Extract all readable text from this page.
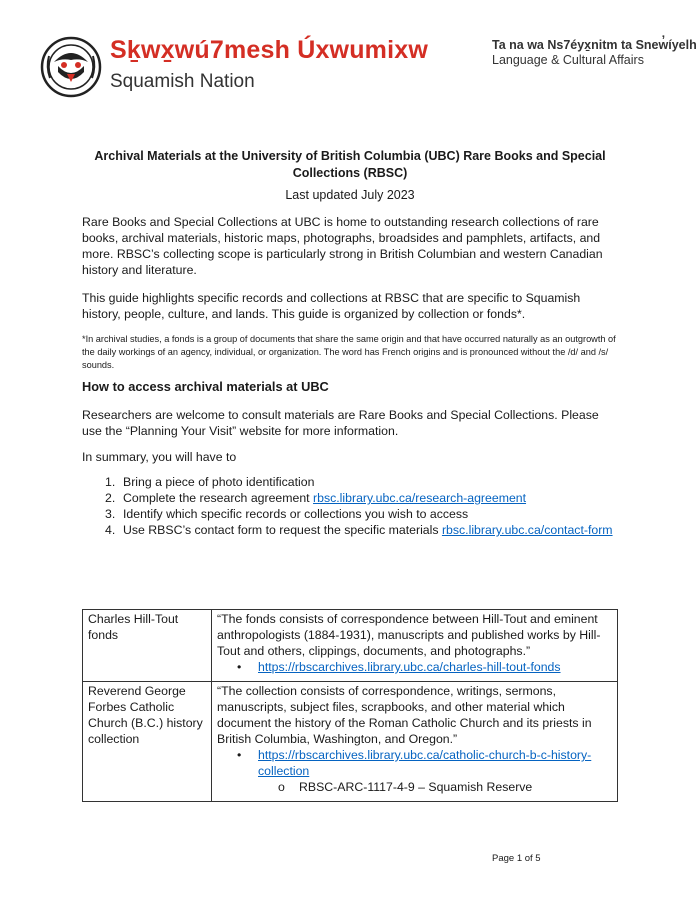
Sḵwx̱wú7mesh Úxwumixw
Squamish Nation
Ta na wa Ns7éyx̱nitm ta Snew̓íyelh
Language & Cultural Affairs
Archival Materials at the University of British Columbia (UBC) Rare Books and Special Collections (RBSC)
Last updated July 2023
Rare Books and Special Collections at UBC is home to outstanding research collections of rare books, archival materials, historic maps, photographs, broadsides and pamphlets, artifacts, and more. RBSC’s collecting scope is particularly strong in British Columbian and western Canadian history and literature.
This guide highlights specific records and collections at RBSC that are specific to Squamish history, people, culture, and lands. This guide is organized by collection or fonds*.
*In archival studies, a fonds is a group of documents that share the same origin and that have occurred naturally as an outgrowth of the daily workings of an agency, individual, or organization. The word has French origins and is pronounced without the /d/ and /s/ sounds.
How to access archival materials at UBC
Researchers are welcome to consult materials are Rare Books and Special Collections. Please use the “Planning Your Visit” website for more information.
In summary, you will have to
1. Bring a piece of photo identification
2. Complete the research agreement rbsc.library.ubc.ca/research-agreement
3. Identify which specific records or collections you wish to access
4. Use RBSC’s contact form to request the specific materials rbsc.library.ubc.ca/contact-form
Charles Hill-Tout fonds	“The fonds consists of correspondence between Hill-Tout and eminent anthropologists (1884-1931), manuscripts and published works by Hill-Tout and others, clippings, documents, and photographs.”
• https://rbscarchives.library.ubc.ca/charles-hill-tout-fonds

Reverend George Forbes Catholic Church (B.C.) history collection	“The collection consists of correspondence, writings, sermons, manuscripts, subject files, scrapbooks, and other material which document the history of the Roman Catholic Church and its priests in British Columbia, Washington, and Oregon.”
• https://rbscarchives.library.ubc.ca/catholic-church-b-c-history-collection
o RBSC-ARC-1117-4-9 – Squamish Reserve
Page 1 of 5
